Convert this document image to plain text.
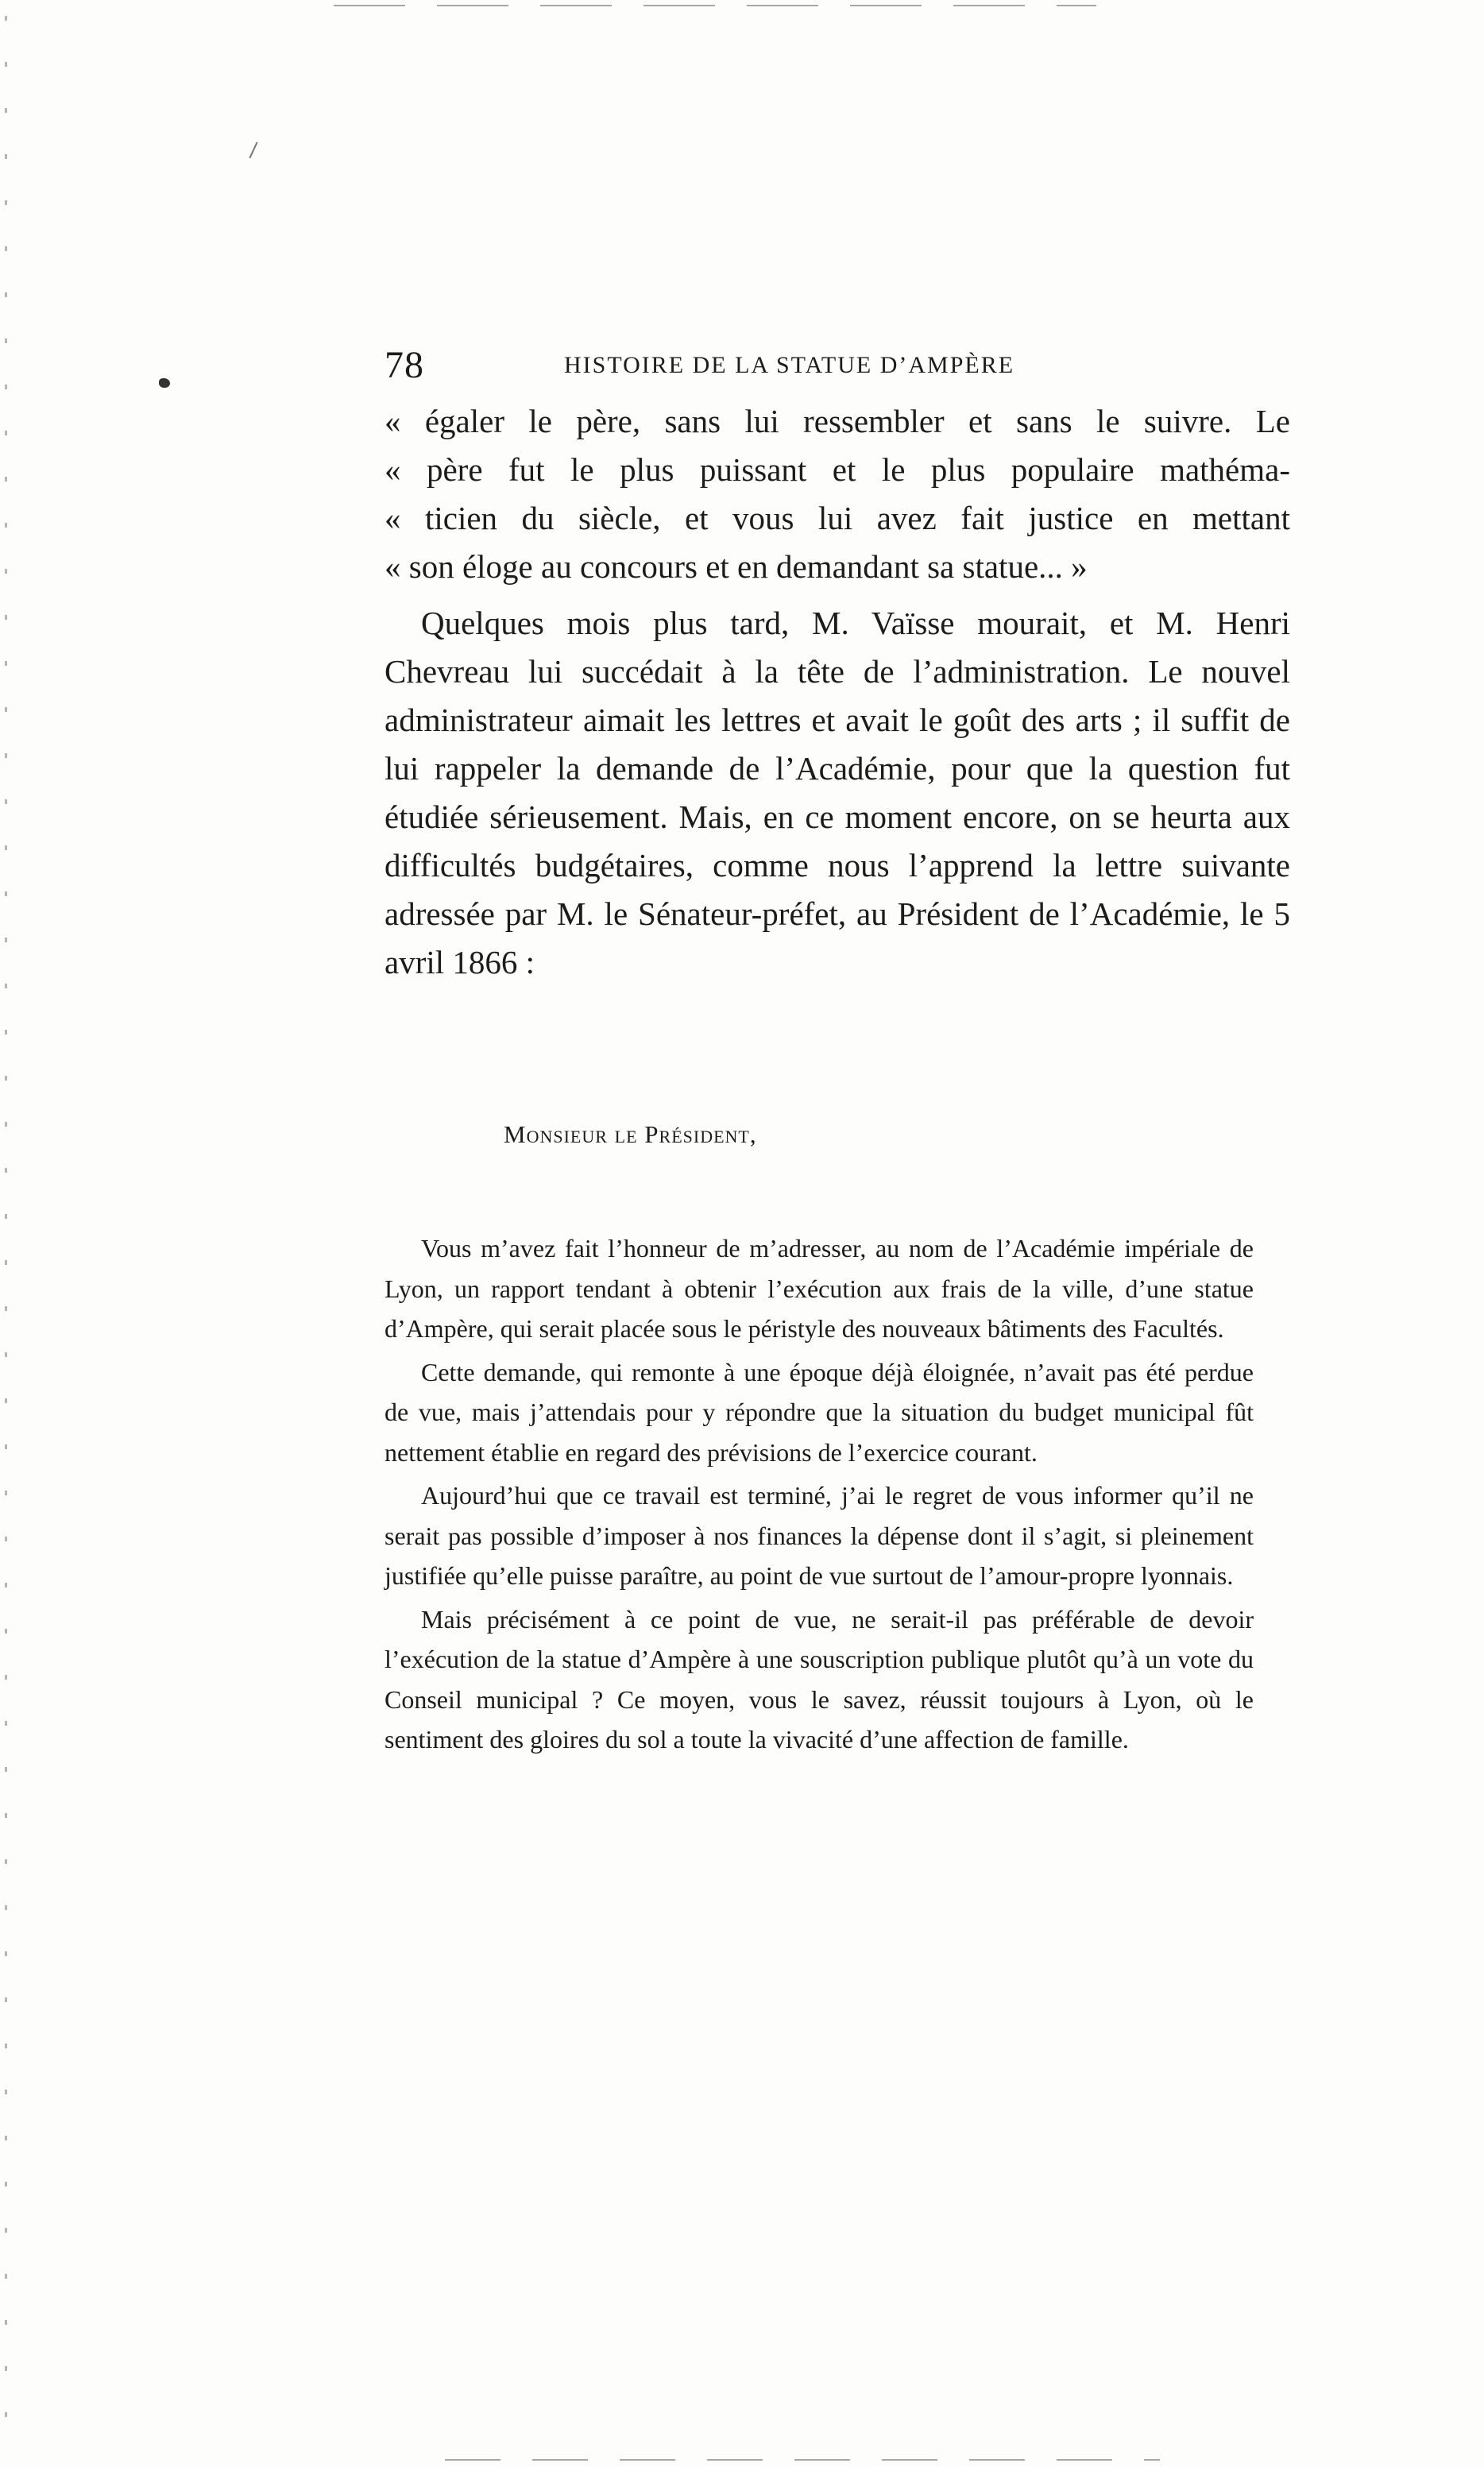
78	HISTOIRE DE LA STATUE D’AMPÈRE
« égaler le père, sans lui ressembler et sans le suivre. Le
« père fut le plus puissant et le plus populaire mathéma-
« ticien du siècle, et vous lui avez fait justice en mettant
« son éloge au concours et en demandant sa statue... »

Quelques mois plus tard, M. Vaïsse mourait, et M. Henri Chevreau lui succédait à la tête de l’administration. Le nouvel administrateur aimait les lettres et avait le goût des arts ; il suffit de lui rappeler la demande de l’Académie, pour que la question fut étudiée sérieusement. Mais, en ce moment encore, on se heurta aux difficultés budgétaires, comme nous l’apprend la lettre suivante adressée par M. le Sénateur-préfet, au Président de l’Académie, le 5 avril 1866 :

Monsieur le Président,

Vous m’avez fait l’honneur de m’adresser, au nom de l’Académie impériale de Lyon, un rapport tendant à obtenir l’exécution aux frais de la ville, d’une statue d’Ampère, qui serait placée sous le péristyle des nouveaux bâtiments des Facultés.

Cette demande, qui remonte à une époque déjà éloignée, n’avait pas été perdue de vue, mais j’attendais pour y répondre que la situation du budget municipal fût nettement établie en regard des prévisions de l’exercice courant.

Aujourd’hui que ce travail est terminé, j’ai le regret de vous informer qu’il ne serait pas possible d’imposer à nos finances la dépense dont il s’agit, si pleinement justifiée qu’elle puisse paraître, au point de vue surtout de l’amour-propre lyonnais.

Mais précisément à ce point de vue, ne serait-il pas préférable de devoir l’exécution de la statue d’Ampère à une souscription publique plutôt qu’à un vote du Conseil municipal ? Ce moyen, vous le savez, réussit toujours à Lyon, où le sentiment des gloires du sol a toute la vivacité d’une affection de famille.
